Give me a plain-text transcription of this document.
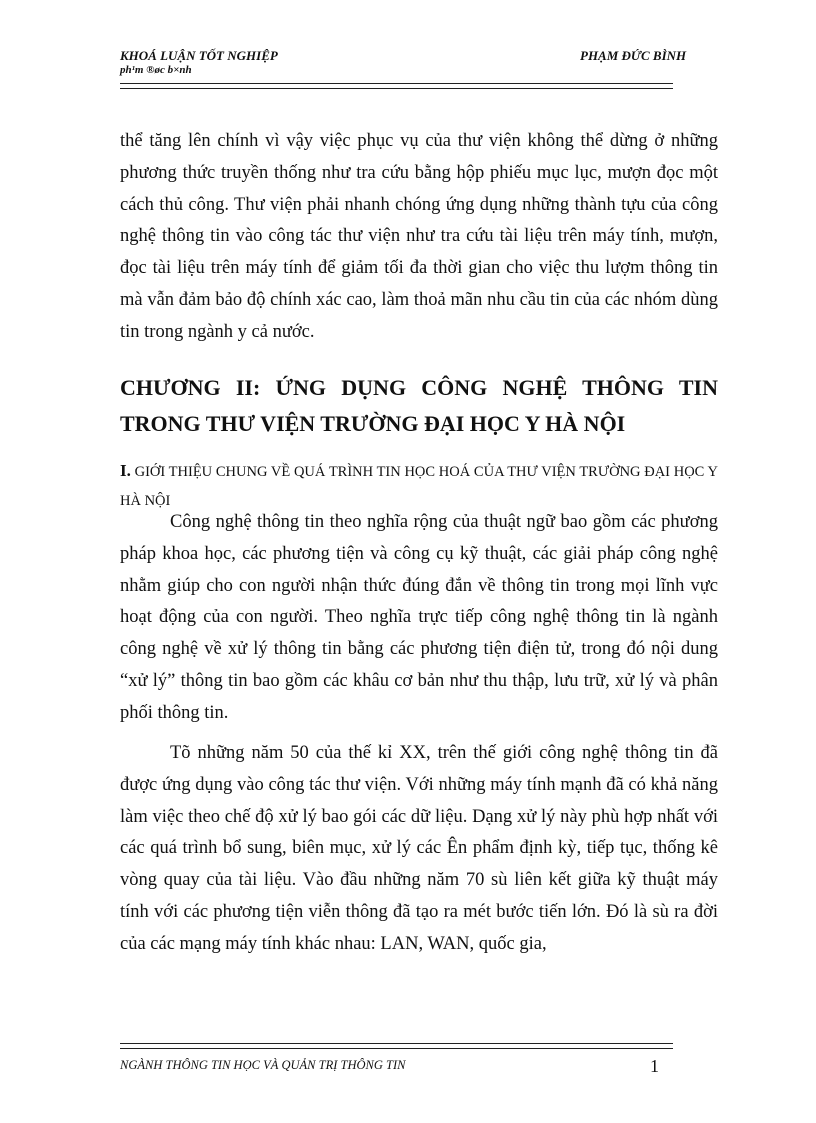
KHOÁ LUẬN TỐT NGHIỆP
ph¹m ®øc b×nh
PHẠM ĐỨC BÌNH

thể tăng lên chính vì vậy việc phục vụ của thư viện không thể dừng ở những phương thức truyền thống như tra cứu bằng hộp phiếu mục lục, mượn đọc một cách thủ công. Thư viện phải nhanh chóng ứng dụng những thành tựu của công nghệ thông tin vào công tác thư viện như tra cứu tài liệu trên máy tính, mượn, đọc tài liệu trên máy tính để giảm tối đa thời gian cho việc thu lượm thông tin mà vẫn đảm bảo độ chính xác cao, làm thoả mãn nhu cầu tin của các nhóm dùng tin trong ngành y cả nước.

CHƯƠNG II: ỨNG DỤNG CÔNG NGHỆ THÔNG TIN TRONG THƯ VIỆN TRƯỜNG ĐẠI HỌC Y HÀ NỘI
I. GIỚI THIỆU CHUNG VỀ QUÁ TRÌNH TIN HỌC HOÁ CỦA THƯ VIỆN TRƯỜNG ĐẠI HỌC Y HÀ NỘI

Công nghệ thông tin theo nghĩa rộng của thuật ngữ bao gồm các phương pháp khoa học, các phương tiện và công cụ kỹ thuật, các giải pháp công nghệ nhằm giúp cho con người nhận thức đúng đắn về thông tin trong mọi lĩnh vực hoạt động của con người. Theo nghĩa trực tiếp công nghệ thông tin là ngành công nghệ về xử lý thông tin bằng các phương tiện điện tử, trong đó nội dung “xử lý” thông tin bao gồm các khâu cơ bản như thu thập, lưu trữ, xử lý và phân phối thông tin.

Tõ những năm 50 của thế kỉ XX, trên thế giới công nghệ thông tin đã được ứng dụng vào công tác thư viện. Với những máy tính mạnh đã có khả năng làm việc theo chế độ xử lý bao gói các dữ liệu. Dạng xử lý này phù hợp nhất với các quá trình bổ sung, biên mục, xử lý các Ên phẩm định kỳ, tiếp tục, thống kê vòng quay của tài liệu. Vào đầu những năm 70 sù liên kết giữa kỹ thuật máy tính với các phương tiện viễn thông đã tạo ra mét bước tiến lớn. Đó là sù ra đời của các mạng máy tính khác nhau: LAN, WAN, quốc gia,

NGÀNH THÔNG TIN HỌC VÀ QUẢN TRỊ THÔNG TIN	1
